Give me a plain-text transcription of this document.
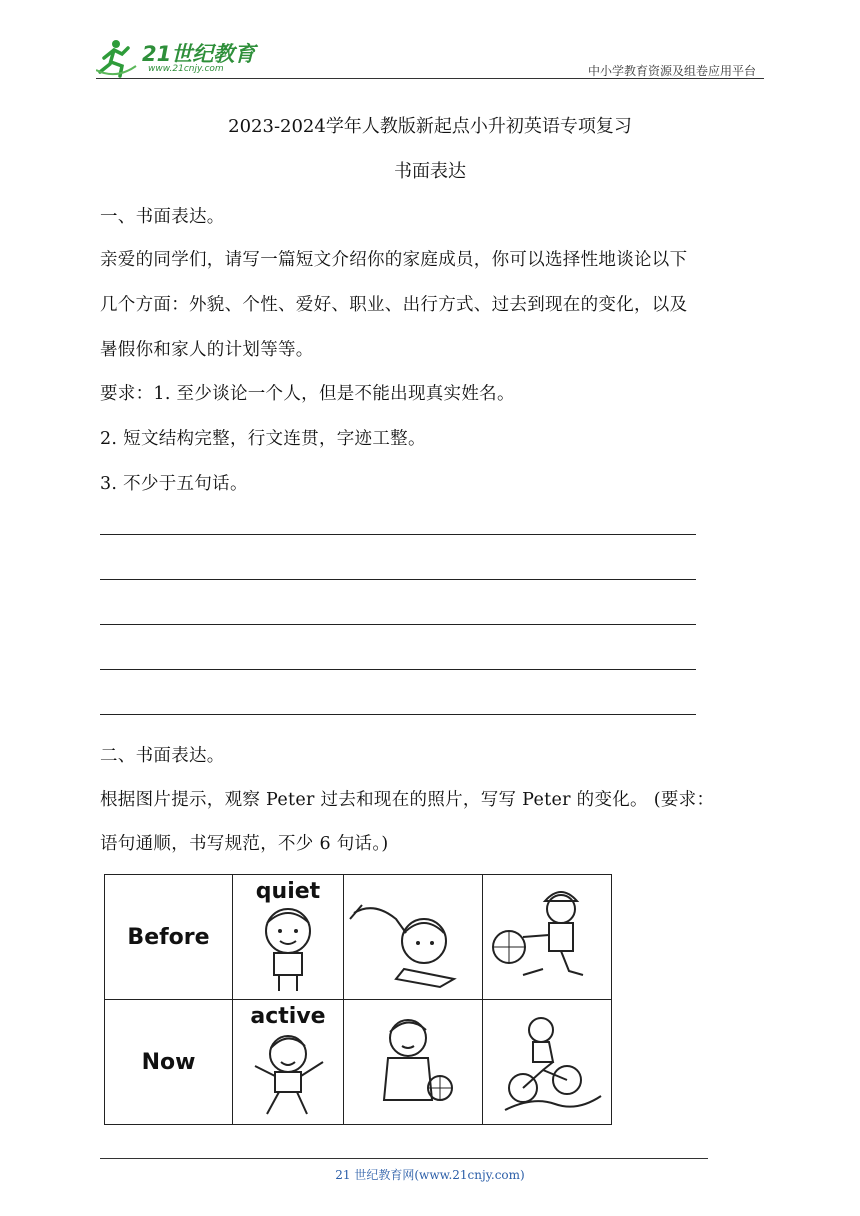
21世纪教育
www.21cnjy.com	中小学教育资源及组卷应用平台
2023-2024学年人教版新起点小升初英语专项复习
书面表达
一、书面表达。
亲爱的同学们，请写一篇短文介绍你的家庭成员，你可以选择性地谈论以下
几个方面：外貌、个性、爱好、职业、出行方式、过去到现在的变化，以及
暑假你和家人的计划等等。
要求：1. 至少谈论一个人，但是不能出现真实姓名。
2. 短文结构完整，行文连贯，字迹工整。
3. 不少于五句话。
二、书面表达。
根据图片提示，观察 Peter 过去和现在的照片，写写 Peter 的变化。 (要求：
语句通顺，书写规范，不少 6 句话。)
Before	quiet

Now	active

21 世纪教育网(www.21cnjy.com)
